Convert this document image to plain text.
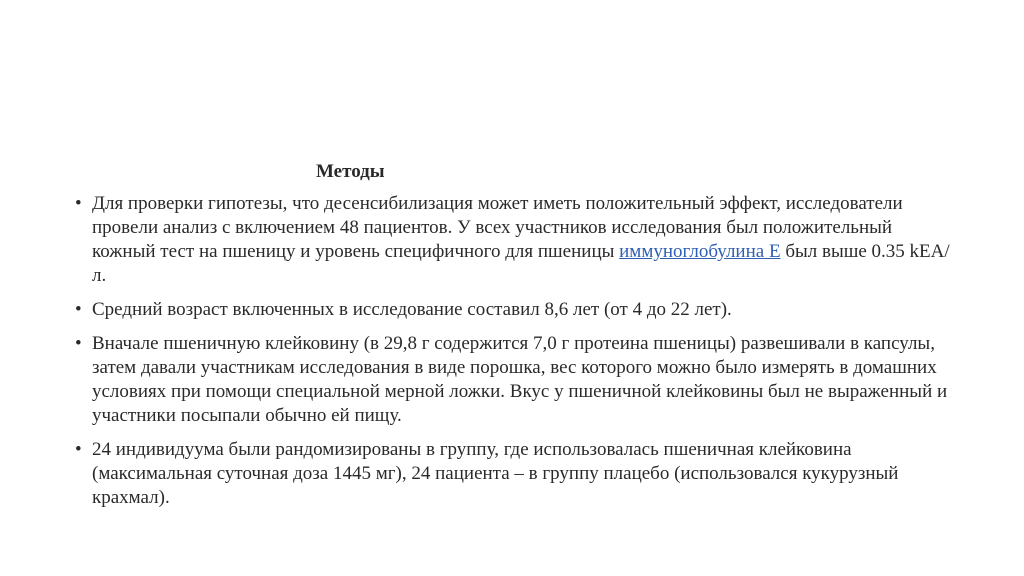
Методы
• Для проверки гипотезы, что десенсибилизация может иметь положительный эффект, исследователи провели анализ с включением 48 пациентов. У всех участников исследования был положительный кожный тест на пшеницу и уровень специфичного для пшеницы иммуноглобулина Е был выше 0.35 kЕА/л.
• Средний возраст включенных в исследование составил 8,6 лет (от 4 до 22 лет).
• Вначале пшеничную клейковину (в 29,8 г содержится 7,0 г протеина пшеницы) развешивали в капсулы, затем давали участникам исследования в виде порошка, вес которого можно было измерять в домашних условиях при помощи специальной мерной ложки. Вкус у пшеничной клейковины был не выраженный и участники посыпали обычно ей пищу.
• 24 индивидуума были рандомизированы в группу, где использовалась пшеничная клейковина (максимальная суточная доза 1445 мг), 24 пациента – в группу плацебо (использовался кукурузный крахмал).
